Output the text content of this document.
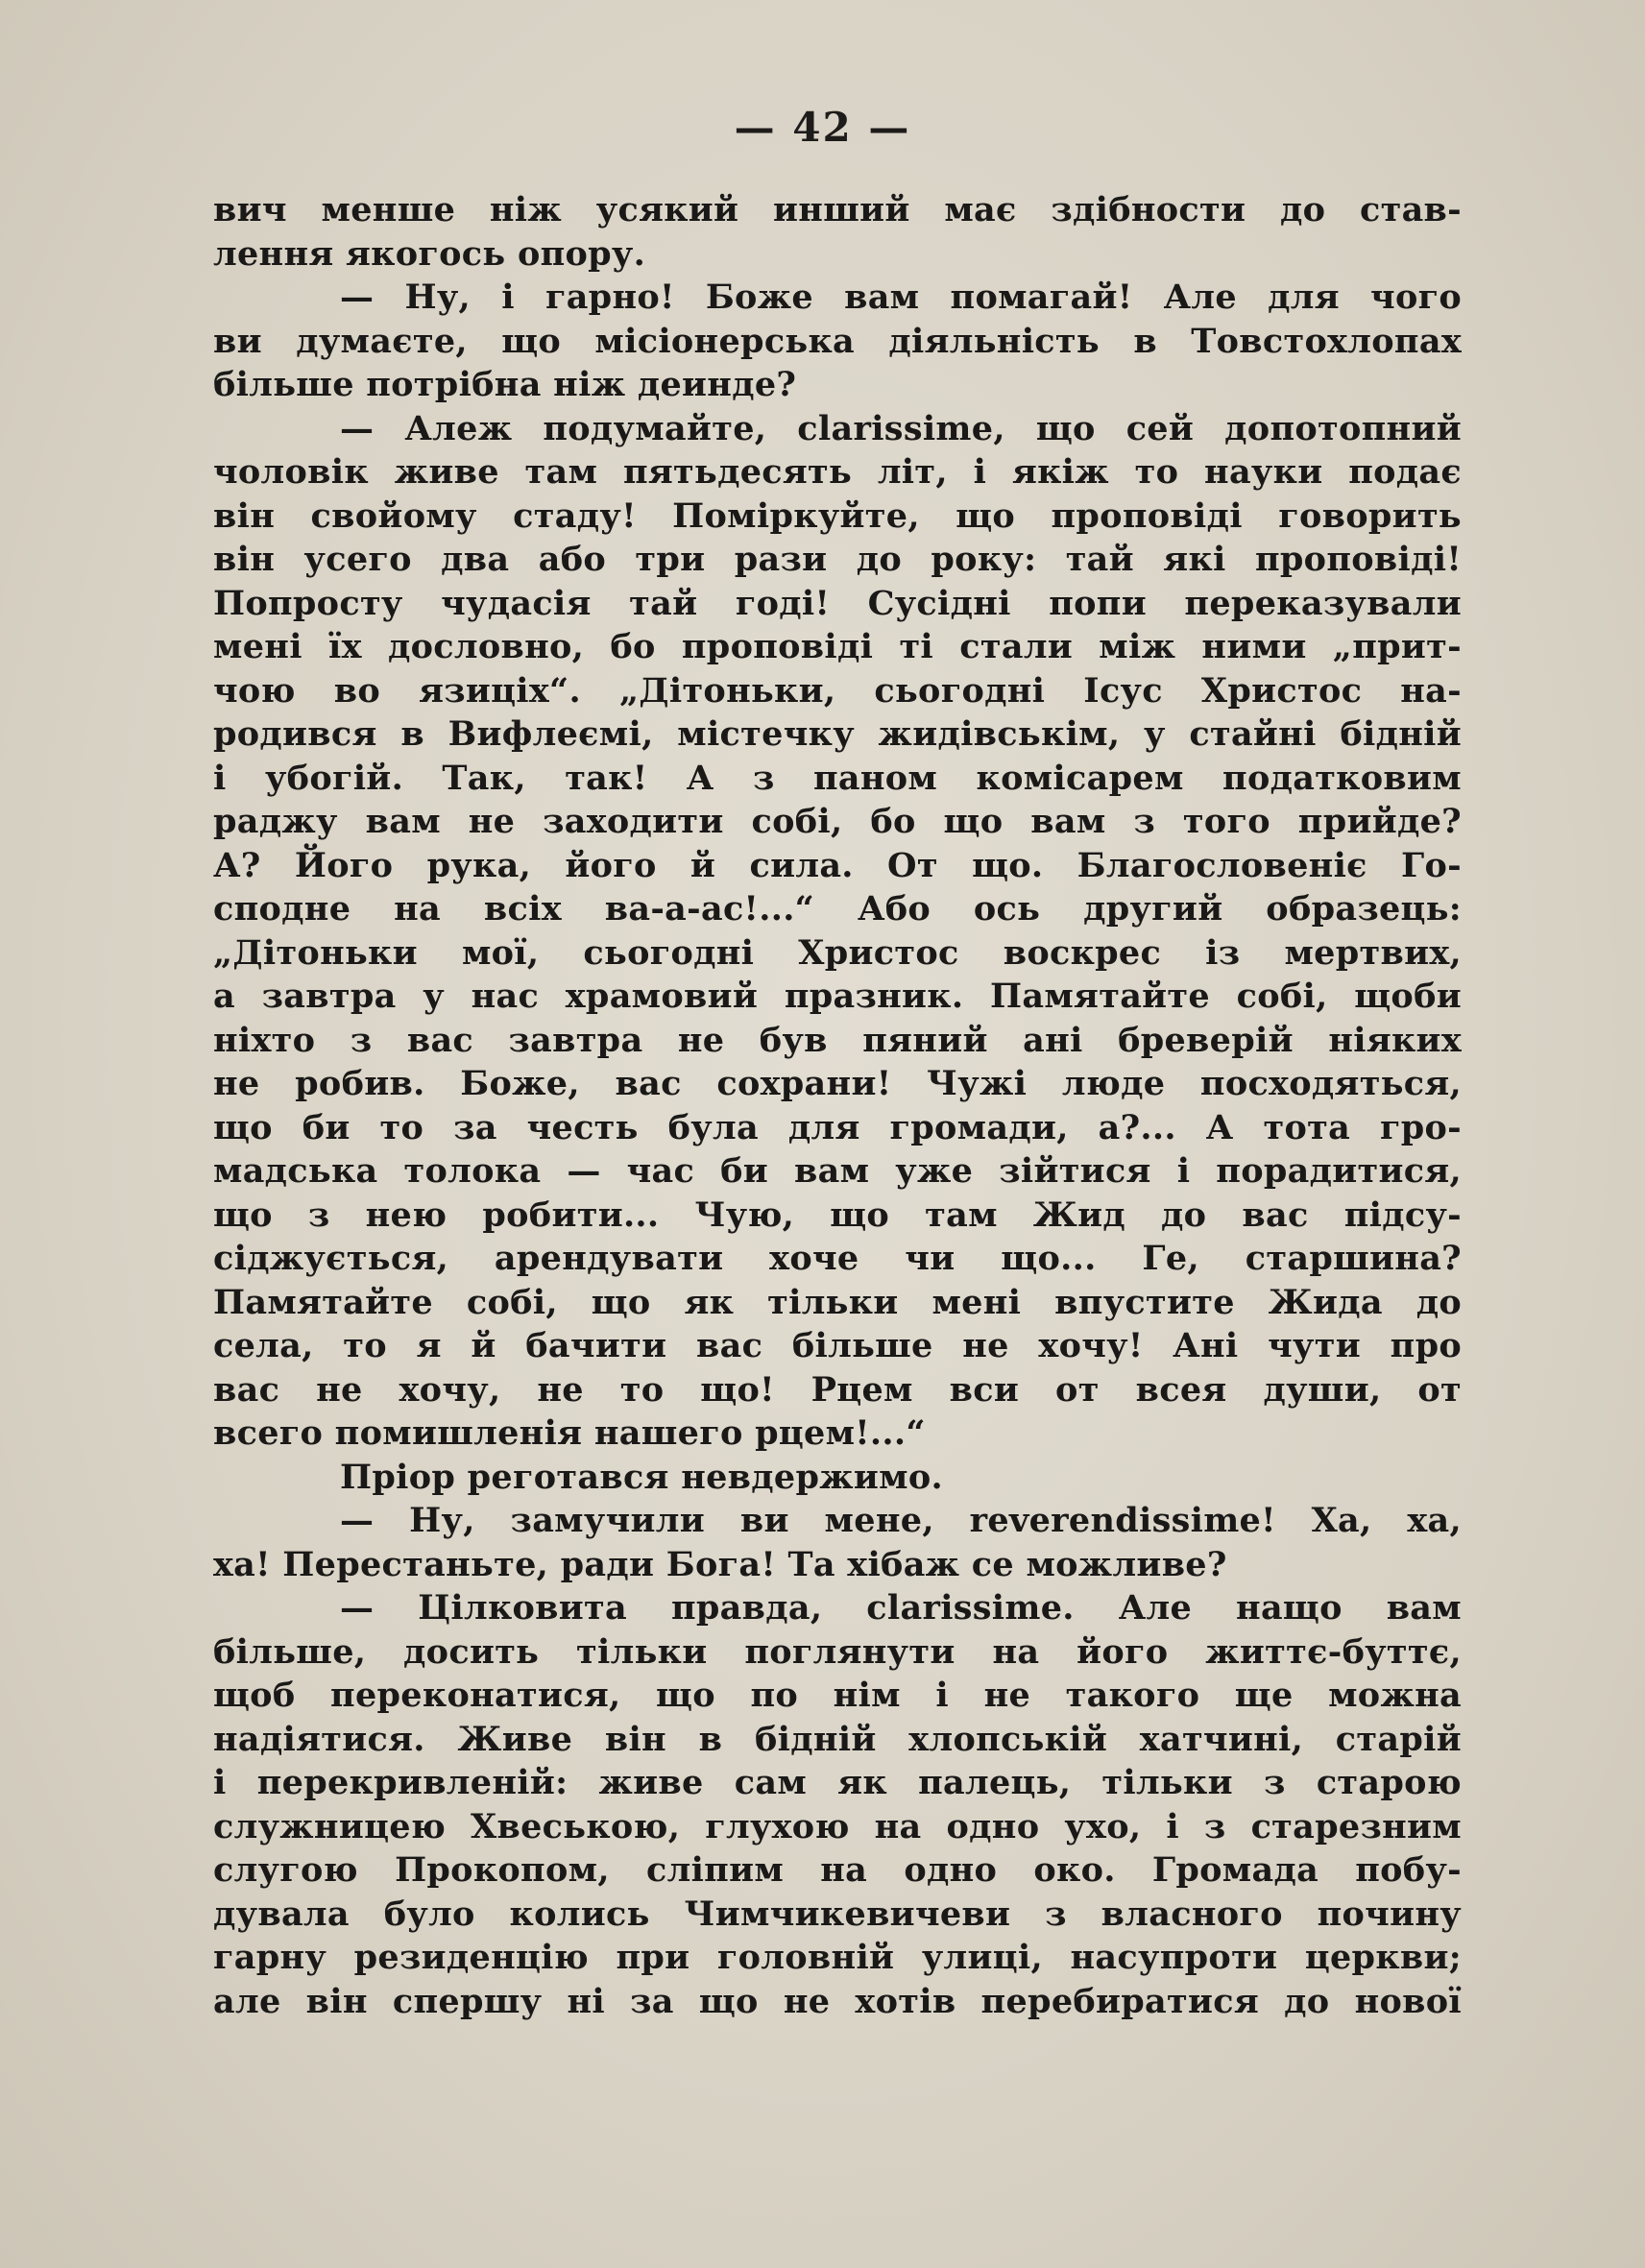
— 42 —
вич менше ніж усякий инший має здібности до став-
лення якогось опору.
— Ну, і гарно! Боже вам помагай! Але для чого
ви думаєте, що місіонерська діяльність в Товстохлопах
більше потрібна ніж деинде?
— Алеж подумайте, clarissime, що сей допотопний
чоловік живе там пятьдесять літ, і якіж то науки подає
він свойому стаду! Поміркуйте, що проповіді говорить
він усего два або три рази до року: тай які проповіді!
Попросту чудасія тай годі! Сусідні попи переказували
мені їх дословно, бо проповіді ті стали між ними „прит-
чою во язиціх“. „Дітоньки, сьогодні Ісус Христос на-
родився в Вифлеємі, містечку жидівськім, у стайні бідній
і убогій. Так, так! А з паном комісарем податковим
раджу вам не заходити собі, бо що вам з того прийде?
А? Його рука, його й сила. От що. Благословеніє Го-
сподне на всіх ва-а-ас!...“ Або ось другий образець:
„Дітоньки мої, сьогодні Христос воскрес із мертвих,
а завтра у нас храмовий празник. Памятайте собі, щоби
ніхто з вас завтра не був пяний ані бреверій ніяких
не робив. Боже, вас сохрани! Чужі люде посходяться,
що би то за честь була для громади, а?... А тота гро-
мадська толока — час би вам уже зійтися і порадитися,
що з нею робити... Чую, що там Жид до вас підсу-
сіджується, арендувати хоче чи що... Ге, старшина?
Памятайте собі, що як тільки мені впустите Жида до
села, то я й бачити вас більше не хочу! Ані чути про
вас не хочу, не то що! Рцем вси от всея души, от
всего помишленія нашего рцем!...“
Пріор реготався невдержимо.
— Ну, замучили ви мене, reverendissime! Ха, ха,
ха! Перестаньте, ради Бога! Та хібаж се можливе?
— Цілковита правда, clarissime. Але нащо вам
більше, досить тільки поглянути на його життє-буттє,
щоб переконатися, що по нім і не такого ще можна
надіятися. Живе він в бідній хлопській хатчині, старій
і перекривленій: живе сам як палець, тільки з старою
служницею Хвеською, глухою на одно ухо, і з старезним
слугою Прокопом, сліпим на одно око. Громада побу-
дувала було колись Чимчикевичеви з власного почину
гарну резиденцію при головній улиці, насупроти церкви;
але він спершу ні за що не хотів перебиратися до нової
